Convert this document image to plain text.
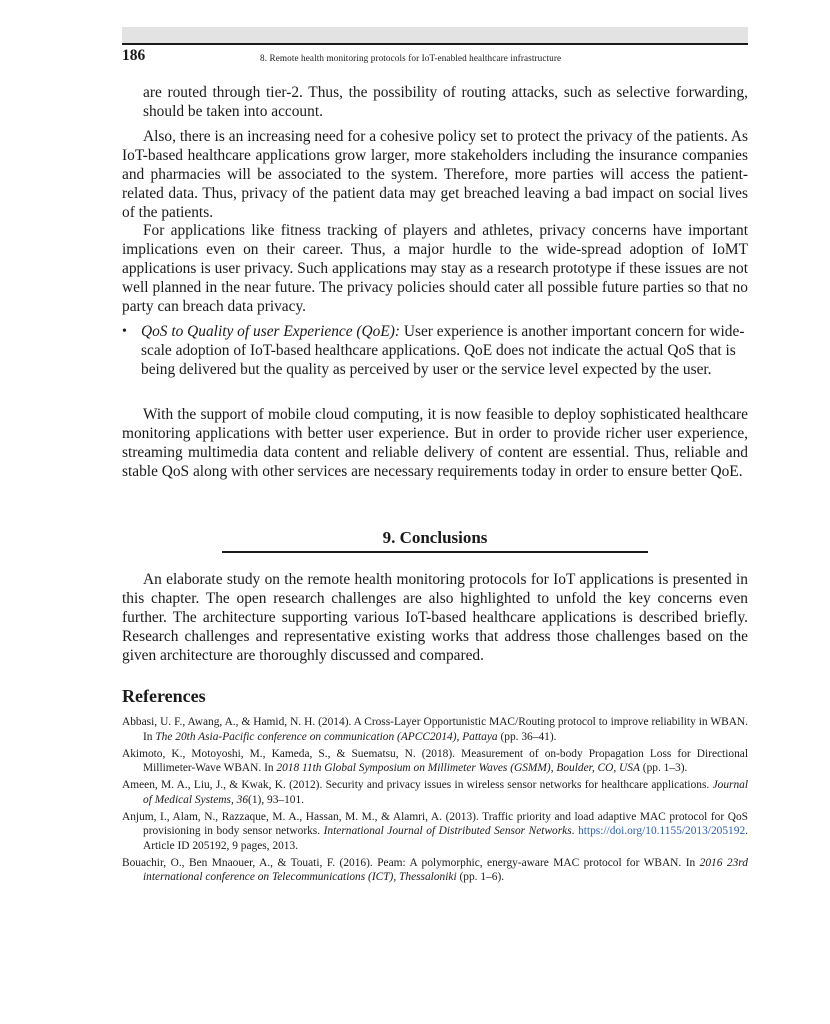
186	8. Remote health monitoring protocols for IoT-enabled healthcare infrastructure
are routed through tier-2. Thus, the possibility of routing attacks, such as selective forwarding, should be taken into account.
Also, there is an increasing need for a cohesive policy set to protect the privacy of the patients. As IoT-based healthcare applications grow larger, more stakeholders including the insurance companies and pharmacies will be associated to the system. Therefore, more parties will access the patient-related data. Thus, privacy of the patient data may get breached leaving a bad impact on social lives of the patients.
For applications like fitness tracking of players and athletes, privacy concerns have important implications even on their career. Thus, a major hurdle to the wide-spread adoption of IoMT applications is user privacy. Such applications may stay as a research prototype if these issues are not well planned in the near future. The privacy policies should cater all possible future parties so that no party can breach data privacy.
• QoS to Quality of user Experience (QoE): User experience is another important concern for wide-scale adoption of IoT-based healthcare applications. QoE does not indicate the actual QoS that is being delivered but the quality as perceived by user or the service level expected by the user.
With the support of mobile cloud computing, it is now feasible to deploy sophisticated healthcare monitoring applications with better user experience. But in order to provide richer user experience, streaming multimedia data content and reliable delivery of content are essential. Thus, reliable and stable QoS along with other services are necessary requirements today in order to ensure better QoE.
9. Conclusions
An elaborate study on the remote health monitoring protocols for IoT applications is presented in this chapter. The open research challenges are also highlighted to unfold the key concerns even further. The architecture supporting various IoT-based healthcare applications is described briefly. Research challenges and representative existing works that address those challenges based on the given architecture are thoroughly discussed and compared.
References
Abbasi, U. F., Awang, A., & Hamid, N. H. (2014). A Cross-Layer Opportunistic MAC/Routing protocol to improve reliability in WBAN. In The 20th Asia-Pacific conference on communication (APCC2014), Pattaya (pp. 36–41).
Akimoto, K., Motoyoshi, M., Kameda, S., & Suematsu, N. (2018). Measurement of on-body Propagation Loss for Directional Millimeter-Wave WBAN. In 2018 11th Global Symposium on Millimeter Waves (GSMM), Boulder, CO, USA (pp. 1–3).
Ameen, M. A., Liu, J., & Kwak, K. (2012). Security and privacy issues in wireless sensor networks for healthcare applications. Journal of Medical Systems, 36(1), 93–101.
Anjum, I., Alam, N., Razzaque, M. A., Hassan, M. M., & Alamri, A. (2013). Traffic priority and load adaptive MAC protocol for QoS provisioning in body sensor networks. International Journal of Distributed Sensor Networks. https://doi.org/10.1155/2013/205192. Article ID 205192, 9 pages, 2013.
Bouachir, O., Ben Mnaouer, A., & Touati, F. (2016). Peam: A polymorphic, energy-aware MAC protocol for WBAN. In 2016 23rd international conference on Telecommunications (ICT), Thessaloniki (pp. 1–6).
